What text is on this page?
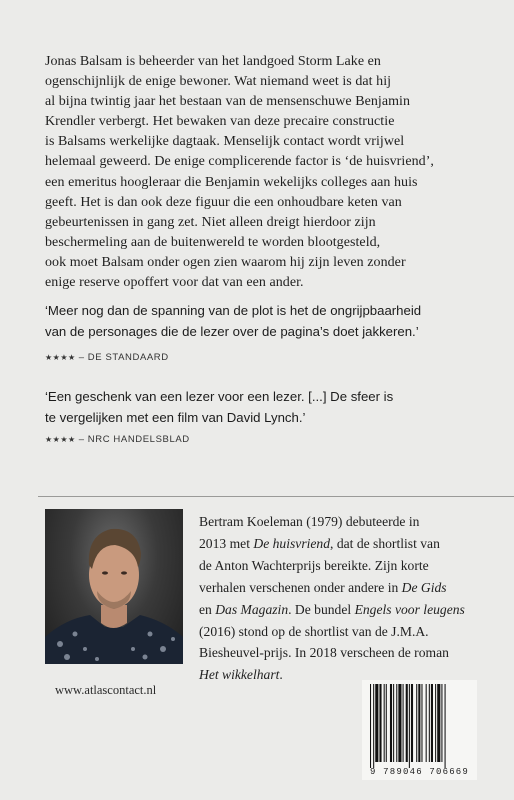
Jonas Balsam is beheerder van het landgoed Storm Lake en
ogenschijnlijk de enige bewoner. Wat niemand weet is dat hij
al bijna twintig jaar het bestaan van de mensenschuwe Benjamin
Krendler verbergt. Het bewaken van deze precaire constructie
is Balsams werkelijke dagtaak. Menselijk contact wordt vrijwel
helemaal geweerd. De enige complicerende factor is ‘de huisvriend’,
een emeritus hoogleraar die Benjamin wekelijks colleges aan huis
geeft. Het is dan ook deze figuur die een onhoudbare keten van
gebeurtenissen in gang zet. Niet alleen dreigt hierdoor zijn
beschermeling aan de buitenwereld te worden blootgesteld,
ook moet Balsam onder ogen zien waarom hij zijn leven zonder
enige reserve opoffert voor dat van een ander.
‘Meer nog dan de spanning van de plot is het de ongrijpbaarheid
van de personages die de lezer over de pagina’s doet jakkeren.’
★★★★ – DE STANDAARD
‘Een geschenk van een lezer voor een lezer. [...] De sfeer is
te vergelijken met een film van David Lynch.’
★★★★ – NRC HANDELSBLAD
Bertram Koeleman (1979) debuteerde in
2013 met De huisvriend, dat de shortlist van
de Anton Wachterprijs bereikte. Zijn korte
verhalen verschenen onder andere in De Gids
en Das Magazin. De bundel Engels voor leugens
(2016) stond op de shortlist van de J.M.A.
Biesheuvel-prijs. In 2018 verscheen de roman
Het wikkelhart.
www.atlascontact.nl
9 789046 706669
